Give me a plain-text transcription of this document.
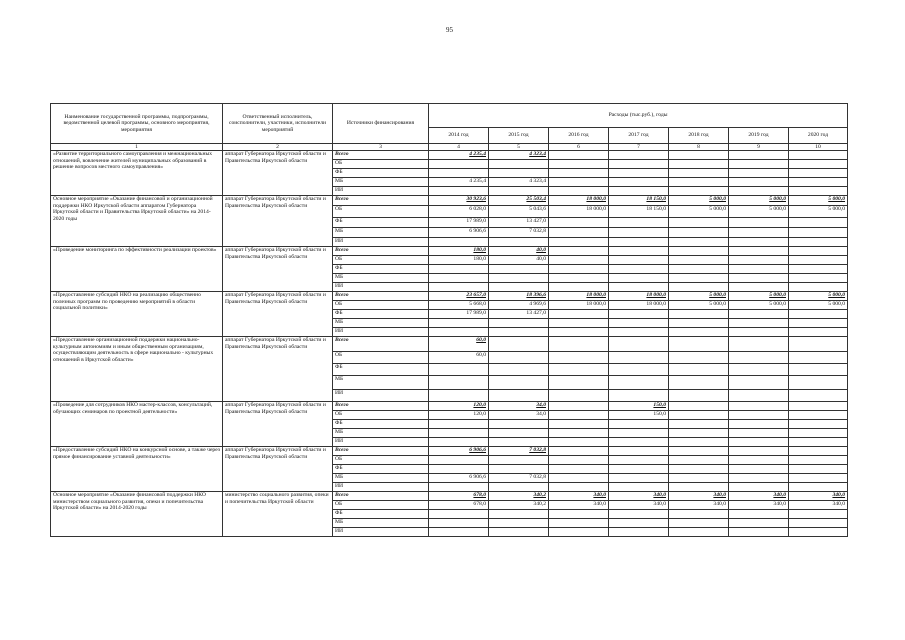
95
Наименование государственной программы, подпрограммы, ведомственной целевой программы, основного мероприятия, мероприятия	Ответственный исполнитель, соисполнители, участники, исполнители мероприятий	Источники финансирования	Расходы (тыс.руб.), годы						
			2014 год	2015 год	2016 год	2017 год	2018 год	2019 год	2020 год
1	2	3	4	5	6	7	8	9	10
«Развитие территориального самоуправления и межнациональных отношений, вовлечение жителей муниципальных образований в решение вопросов местного самоуправления»	аппарат Губернатора Иркутской области и Правительства Иркутской области	Всего	4 235,4	4 323,4					
		ОБ							
		ФБ							
		МБ	4 235,4	4 323,4					
		ИИ							
Основное мероприятие «Оказание финансовой и организационной поддержки НКО Иркутской области аппаратом Губернатора Иркутской области и Правительства Иркутской области» на 2014-2020 годы	аппарат Губернатора Иркутской области и Правительства Иркутской области	Всего	30 923,6	25 503,4	18 000,0	18 150,0	5 000,0	5 000,0	5 000,0
		ОБ	6 028,0	5 043,6	18 000,0	18 150,0	5 000,0	5 000,0	5 000,0
		ФБ	17 989,0	13 427,0					
		МБ	6 906,6	7 032,8					
		ИИ							
«Проведение мониторинга по эффективности реализации проектов»	аппарат Губернатора Иркутской области и Правительства Иркутской области	Всего	180,0	40,0					
		ОБ	180,0	40,0					
		ФБ							
		МБ							
		ИИ							
«Предоставление субсидий НКО на реализацию общественно полезных программ по проведению мероприятий в области социальной политики»	аппарат Губернатора Иркутской области и Правительства Иркутской области	Всего	23 657,0	18 396,6	18 000,0	18 000,0	5 000,0	5 000,0	5 000,0
		ОБ	5 668,0	4 969,6	18 000,0	18 000,0	5 000,0	5 000,0	5 000,0
		ФБ	17 989,0	13 427,0					
		МБ							
		ИИ							
«Предоставление организационной поддержки национально-культурным автономиям и иным общественным организациям, осуществляющим деятельность в сфере национально - культурных отношений в Иркутской области»	аппарат Губернатора Иркутской области и Правительства Иркутской области	Всего	60,0						
		ОБ	60,0						
		ФБ							
		МБ							
		ИИ							
«Проведение для сотрудников НКО мастер-классов, консультаций, обучающих семинаров по проектной деятельности»	аппарат Губернатора Иркутской области и Правительства Иркутской области	Всего	120,0	34,0		150,0			
		ОБ	120,0	34,0		150,0			
		ФБ							
		МБ							
		ИИ							
«Предоставление субсидий НКО на конкурсной основе, а также через прямое финансирование уставной деятельности»	аппарат Губернатора Иркутской области и Правительства Иркутской области	Всего	6 906,6	7 032,8					
		ОБ							
		ФБ							
		МБ	6 906,6	7 032,8					
		ИИ							
Основное мероприятие «Оказание финансовой поддержки НКО министерством социального развития, опеки и попечительства Иркутской области» на 2014-2020 годы	министерство социального развития, опеки и попечительства Иркутской области	Всего	678,0	340,2	340,0	340,0	340,0	340,0	340,0
		ОБ	678,0	340,2	340,0	340,0	340,0	340,0	340,0
		ФБ							
		МБ							
		ИИ							
